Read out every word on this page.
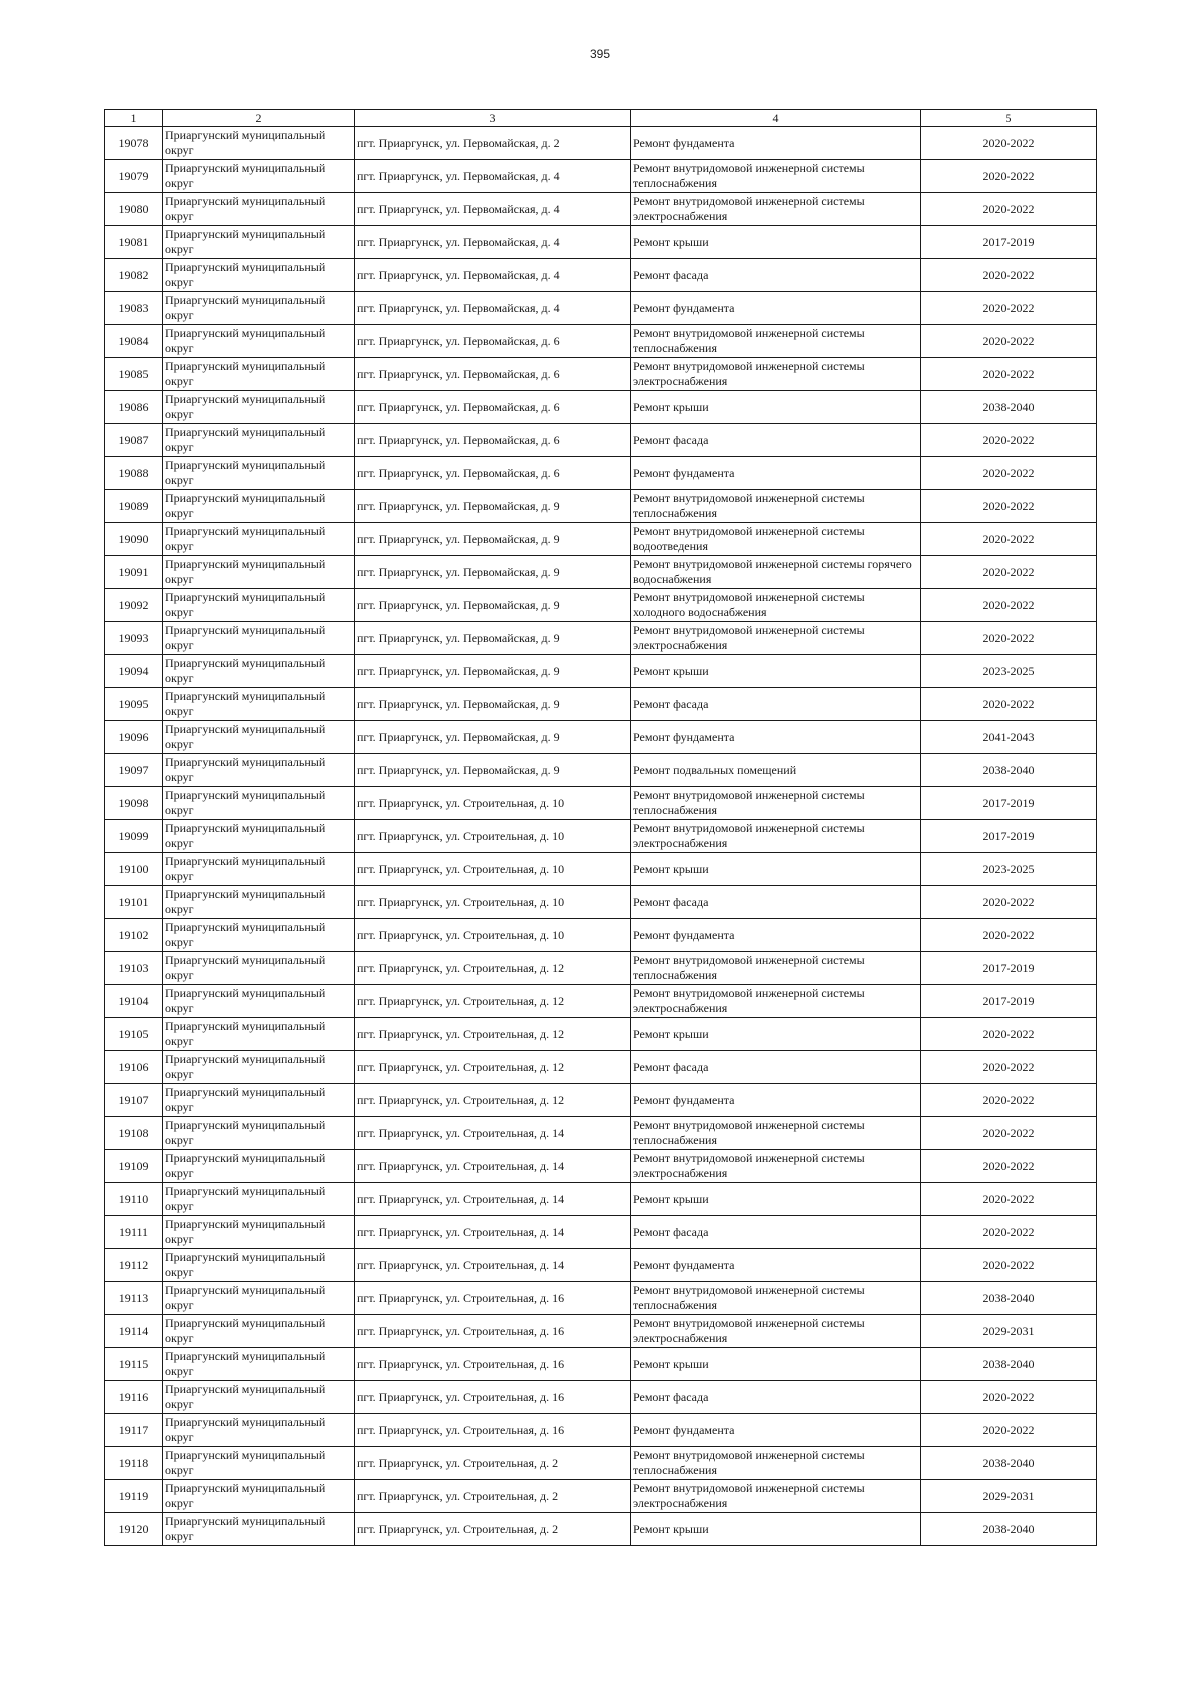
395
1	2	3	4	5
19078	Приаргунский муниципальный округ	пгт. Приаргунск, ул. Первомайская, д. 2	Ремонт фундамента	2020-2022
19079	Приаргунский муниципальный округ	пгт. Приаргунск, ул. Первомайская, д. 4	Ремонт внутридомовой инженерной системы теплоснабжения	2020-2022
19080	Приаргунский муниципальный округ	пгт. Приаргунск, ул. Первомайская, д. 4	Ремонт внутридомовой инженерной системы электроснабжения	2020-2022
19081	Приаргунский муниципальный округ	пгт. Приаргунск, ул. Первомайская, д. 4	Ремонт крыши	2017-2019
19082	Приаргунский муниципальный округ	пгт. Приаргунск, ул. Первомайская, д. 4	Ремонт фасада	2020-2022
19083	Приаргунский муниципальный округ	пгт. Приаргунск, ул. Первомайская, д. 4	Ремонт фундамента	2020-2022
19084	Приаргунский муниципальный округ	пгт. Приаргунск, ул. Первомайская, д. 6	Ремонт внутридомовой инженерной системы теплоснабжения	2020-2022
19085	Приаргунский муниципальный округ	пгт. Приаргунск, ул. Первомайская, д. 6	Ремонт внутридомовой инженерной системы электроснабжения	2020-2022
19086	Приаргунский муниципальный округ	пгт. Приаргунск, ул. Первомайская, д. 6	Ремонт крыши	2038-2040
19087	Приаргунский муниципальный округ	пгт. Приаргунск, ул. Первомайская, д. 6	Ремонт фасада	2020-2022
19088	Приаргунский муниципальный округ	пгт. Приаргунск, ул. Первомайская, д. 6	Ремонт фундамента	2020-2022
19089	Приаргунский муниципальный округ	пгт. Приаргунск, ул. Первомайская, д. 9	Ремонт внутридомовой инженерной системы теплоснабжения	2020-2022
19090	Приаргунский муниципальный округ	пгт. Приаргунск, ул. Первомайская, д. 9	Ремонт внутридомовой инженерной системы водоотведения	2020-2022
19091	Приаргунский муниципальный округ	пгт. Приаргунск, ул. Первомайская, д. 9	Ремонт внутридомовой инженерной системы горячего водоснабжения	2020-2022
19092	Приаргунский муниципальный округ	пгт. Приаргунск, ул. Первомайская, д. 9	Ремонт внутридомовой инженерной системы холодного водоснабжения	2020-2022
19093	Приаргунский муниципальный округ	пгт. Приаргунск, ул. Первомайская, д. 9	Ремонт внутридомовой инженерной системы электроснабжения	2020-2022
19094	Приаргунский муниципальный округ	пгт. Приаргунск, ул. Первомайская, д. 9	Ремонт крыши	2023-2025
19095	Приаргунский муниципальный округ	пгт. Приаргунск, ул. Первомайская, д. 9	Ремонт фасада	2020-2022
19096	Приаргунский муниципальный округ	пгт. Приаргунск, ул. Первомайская, д. 9	Ремонт фундамента	2041-2043
19097	Приаргунский муниципальный округ	пгт. Приаргунск, ул. Первомайская, д. 9	Ремонт подвальных помещений	2038-2040
19098	Приаргунский муниципальный округ	пгт. Приаргунск, ул. Строительная, д. 10	Ремонт внутридомовой инженерной системы теплоснабжения	2017-2019
19099	Приаргунский муниципальный округ	пгт. Приаргунск, ул. Строительная, д. 10	Ремонт внутридомовой инженерной системы электроснабжения	2017-2019
19100	Приаргунский муниципальный округ	пгт. Приаргунск, ул. Строительная, д. 10	Ремонт крыши	2023-2025
19101	Приаргунский муниципальный округ	пгт. Приаргунск, ул. Строительная, д. 10	Ремонт фасада	2020-2022
19102	Приаргунский муниципальный округ	пгт. Приаргунск, ул. Строительная, д. 10	Ремонт фундамента	2020-2022
19103	Приаргунский муниципальный округ	пгт. Приаргунск, ул. Строительная, д. 12	Ремонт внутридомовой инженерной системы теплоснабжения	2017-2019
19104	Приаргунский муниципальный округ	пгт. Приаргунск, ул. Строительная, д. 12	Ремонт внутридомовой инженерной системы электроснабжения	2017-2019
19105	Приаргунский муниципальный округ	пгт. Приаргунск, ул. Строительная, д. 12	Ремонт крыши	2020-2022
19106	Приаргунский муниципальный округ	пгт. Приаргунск, ул. Строительная, д. 12	Ремонт фасада	2020-2022
19107	Приаргунский муниципальный округ	пгт. Приаргунск, ул. Строительная, д. 12	Ремонт фундамента	2020-2022
19108	Приаргунский муниципальный округ	пгт. Приаргунск, ул. Строительная, д. 14	Ремонт внутридомовой инженерной системы теплоснабжения	2020-2022
19109	Приаргунский муниципальный округ	пгт. Приаргунск, ул. Строительная, д. 14	Ремонт внутридомовой инженерной системы электроснабжения	2020-2022
19110	Приаргунский муниципальный округ	пгт. Приаргунск, ул. Строительная, д. 14	Ремонт крыши	2020-2022
19111	Приаргунский муниципальный округ	пгт. Приаргунск, ул. Строительная, д. 14	Ремонт фасада	2020-2022
19112	Приаргунский муниципальный округ	пгт. Приаргунск, ул. Строительная, д. 14	Ремонт фундамента	2020-2022
19113	Приаргунский муниципальный округ	пгт. Приаргунск, ул. Строительная, д. 16	Ремонт внутридомовой инженерной системы теплоснабжения	2038-2040
19114	Приаргунский муниципальный округ	пгт. Приаргунск, ул. Строительная, д. 16	Ремонт внутридомовой инженерной системы электроснабжения	2029-2031
19115	Приаргунский муниципальный округ	пгт. Приаргунск, ул. Строительная, д. 16	Ремонт крыши	2038-2040
19116	Приаргунский муниципальный округ	пгт. Приаргунск, ул. Строительная, д. 16	Ремонт фасада	2020-2022
19117	Приаргунский муниципальный округ	пгт. Приаргунск, ул. Строительная, д. 16	Ремонт фундамента	2020-2022
19118	Приаргунский муниципальный округ	пгт. Приаргунск, ул. Строительная, д. 2	Ремонт внутридомовой инженерной системы теплоснабжения	2038-2040
19119	Приаргунский муниципальный округ	пгт. Приаргунск, ул. Строительная, д. 2	Ремонт внутридомовой инженерной системы электроснабжения	2029-2031
19120	Приаргунский муниципальный округ	пгт. Приаргунск, ул. Строительная, д. 2	Ремонт крыши	2038-2040
